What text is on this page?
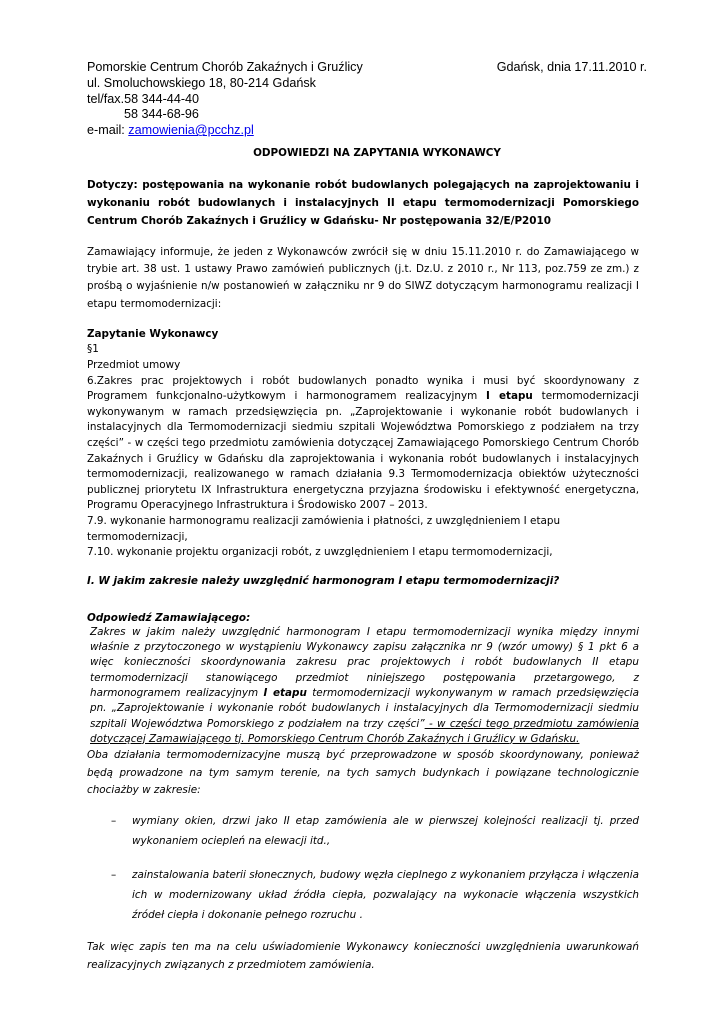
Pomorskie Centrum Chorób Zakaźnych i Gruźlicy
ul. Smoluchowskiego 18, 80-214 Gdańsk
tel/fax.58 344-44-40
58 344-68-96
e-mail: zamowienia@pcchz.pl
Gdańsk, dnia 17.11.2010 r.
ODPOWIEDZI NA ZAPYTANIA WYKONAWCY
Dotyczy: postępowania na wykonanie robót budowlanych polegających na zaprojektowaniu i wykonaniu robót budowlanych i instalacyjnych II etapu termomodernizacji Pomorskiego Centrum Chorób Zakaźnych i Gruźlicy w Gdańsku- Nr postępowania 32/E/P2010
Zamawiający informuje, że jeden z Wykonawców zwrócił się w dniu 15.11.2010 r. do Zamawiającego w trybie art. 38 ust. 1 ustawy Prawo zamówień publicznych (j.t. Dz.U. z 2010 r., Nr 113, poz.759 ze zm.) z prośbą o wyjaśnienie n/w postanowień w załączniku nr 9 do SIWZ dotyczącym harmonogramu realizacji I etapu termomodernizacji:
Zapytanie Wykonawcy
§1
Przedmiot umowy
6.Zakres prac projektowych i robót budowlanych ponadto wynika i musi być skoordynowany z Programem funkcjonalno-użytkowym i harmonogramem realizacyjnym I etapu termomodernizacji wykonywanym w ramach przedsięwzięcia pn. „Zaprojektowanie i wykonanie robót budowlanych i instalacyjnych dla Termomodernizacji siedmiu szpitali Województwa Pomorskiego z podziałem na trzy części” - w części tego przedmiotu zamówienia dotyczącej Zamawiającego Pomorskiego Centrum Chorób Zakaźnych i Gruźlicy w Gdańsku dla zaprojektowania i wykonania robót budowlanych i instalacyjnych termomodernizacji, realizowanego w ramach działania 9.3 Termomodernizacja obiektów użyteczności publicznej priorytetu IX Infrastruktura energetyczna przyjazna środowisku i efektywność energetyczna, Programu Operacyjnego Infrastruktura i Środowisko 2007 – 2013.
7.9. wykonanie harmonogramu realizacji zamówienia i płatności, z uwzględnieniem I etapu termomodernizacji,
7.10. wykonanie projektu organizacji robót, z uwzględnieniem I etapu termomodernizacji,
I. W jakim zakresie należy uwzględnić harmonogram I etapu termomodernizacji?
Odpowiedź Zamawiającego:
Zakres w jakim należy uwzględnić harmonogram I etapu termomodernizacji wynika między innymi właśnie z przytoczonego w wystąpieniu Wykonawcy zapisu załącznika nr 9 (wzór umowy) § 1 pkt 6 a więc konieczności skoordynowania zakresu prac projektowych i robót budowlanych II etapu termomodernizacji stanowiącego przedmiot niniejszego postępowania przetargowego, z harmonogramem realizacyjnym I etapu termomodernizacji wykonywanym w ramach przedsięwzięcia pn. „Zaprojektowanie i wykonanie robót budowlanych i instalacyjnych dla Termomodernizacji siedmiu szpitali Województwa Pomorskiego z podziałem na trzy części” - w części tego przedmiotu zamówienia dotyczącej Zamawiającego tj. Pomorskiego Centrum Chorób Zakaźnych i Gruźlicy w Gdańsku.
Oba działania termomodernizacyjne muszą być przeprowadzone w sposób skoordynowany, ponieważ będą prowadzone na tym samym terenie, na tych samych budynkach i powiązane technologicznie chociażby w zakresie:
– wymiany okien, drzwi jako II etap zamówienia ale w pierwszej kolejności realizacji tj. przed wykonaniem ociepleń na elewacji itd.,
– zainstalowania baterii słonecznych, budowy węzła cieplnego z wykonaniem przyłącza i włączenia ich w modernizowany układ źródła ciepła, pozwalający na wykonacie włączenia wszystkich źródeł ciepła i dokonanie pełnego rozruchu .
Tak więc zapis ten ma na celu uświadomienie Wykonawcy konieczności uwzględnienia uwarunkowań realizacyjnych związanych z przedmiotem zamówienia.
